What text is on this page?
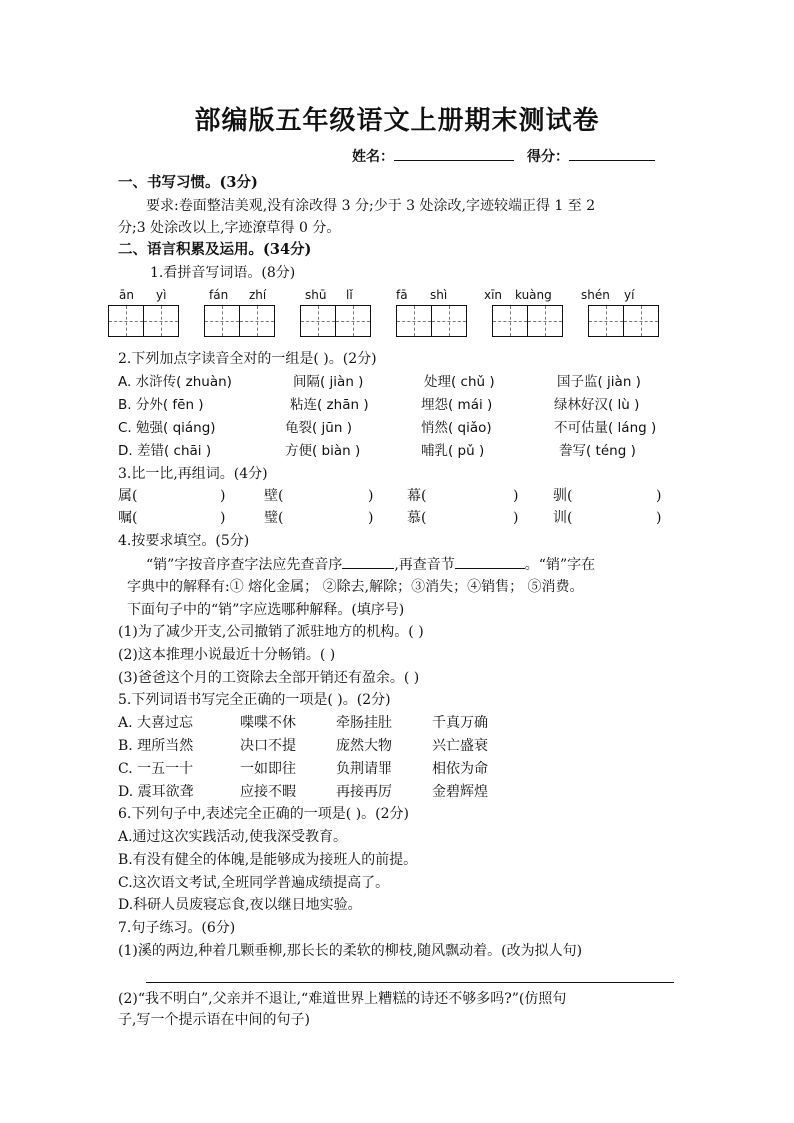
部编版五年级语文上册期末测试卷
姓名：	得分：
一、书写习惯。(3分)
要求:卷面整洁美观,没有涂改得 3 分;少于 3 处涂改,字迹较端正得 1 至 2
分;3 处涂改以上,字迹潦草得 0 分。
二、语言积累及运用。(34分)
1.看拼音写词语。(8分)
ān yì	fán zhí	shū lǐ	fā shì	xīn kuàng shén yí
2.下列加点字读音全对的一组是( )。(2分)
A. 水浒传( zhuàn)	间隔( jiàn )	处理( chǔ )	国子监( jiàn )
B. 分外( fēn )	粘连( zhān )	埋怨( mái )	绿林好汉( lù )
C. 勉强( qiáng)	龟裂( jūn )	悄然( qiǎo)	不可估量( láng )
D. 差错( chāi )	方便( biàn )	哺乳( pǔ )	誊写( téng )
3.比一比,再组词。(4分)
属(	)	壁(	) 幕(	) 驯(	)
嘱(	)	璧(	) 慕(	) 训(	)
4.按要求填空。(5分)
“销”字按音序查字法应先查音序	,再查音节	。“销”字在
字典中的解释有:① 熔化金属； ②除去,解除；③消失；④销售； ⑤消费。
下面句子中的“销”字应选哪种解释。(填序号)
(1)为了减少开支,公司撤销了派驻地方的机构。( )
(2)这本推理小说最近十分畅销。( )
(3)爸爸这个月的工资除去全部开销还有盈余。( )
5.下列词语书写完全正确的一项是( )。(2分)
A. 大喜过忘	喋喋不休	牵肠挂肚	千真万确
B. 理所当然	决口不提	庞然大物	兴亡盛衰
C. 一五一十	一如即往	负荆请罪	相依为命
D. 震耳欲聋	应接不暇	再接再厉	金碧辉煌
6.下列句子中,表述完全正确的一项是( )。(2分)
A.通过这次实践活动,使我深受教育。
B.有没有健全的体魄,是能够成为接班人的前提。
C.这次语文考试,全班同学普遍成绩提高了。
D.科研人员废寝忘食,夜以继日地实验。
7.句子练习。(6分)
(1)溪的两边,种着几颗垂柳,那长长的柔软的柳枝,随风飘动着。(改为拟人句)
(2)“我不明白”,父亲并不退让,“难道世界上糟糕的诗还不够多吗?”(仿照句
子,写一个提示语在中间的句子)
